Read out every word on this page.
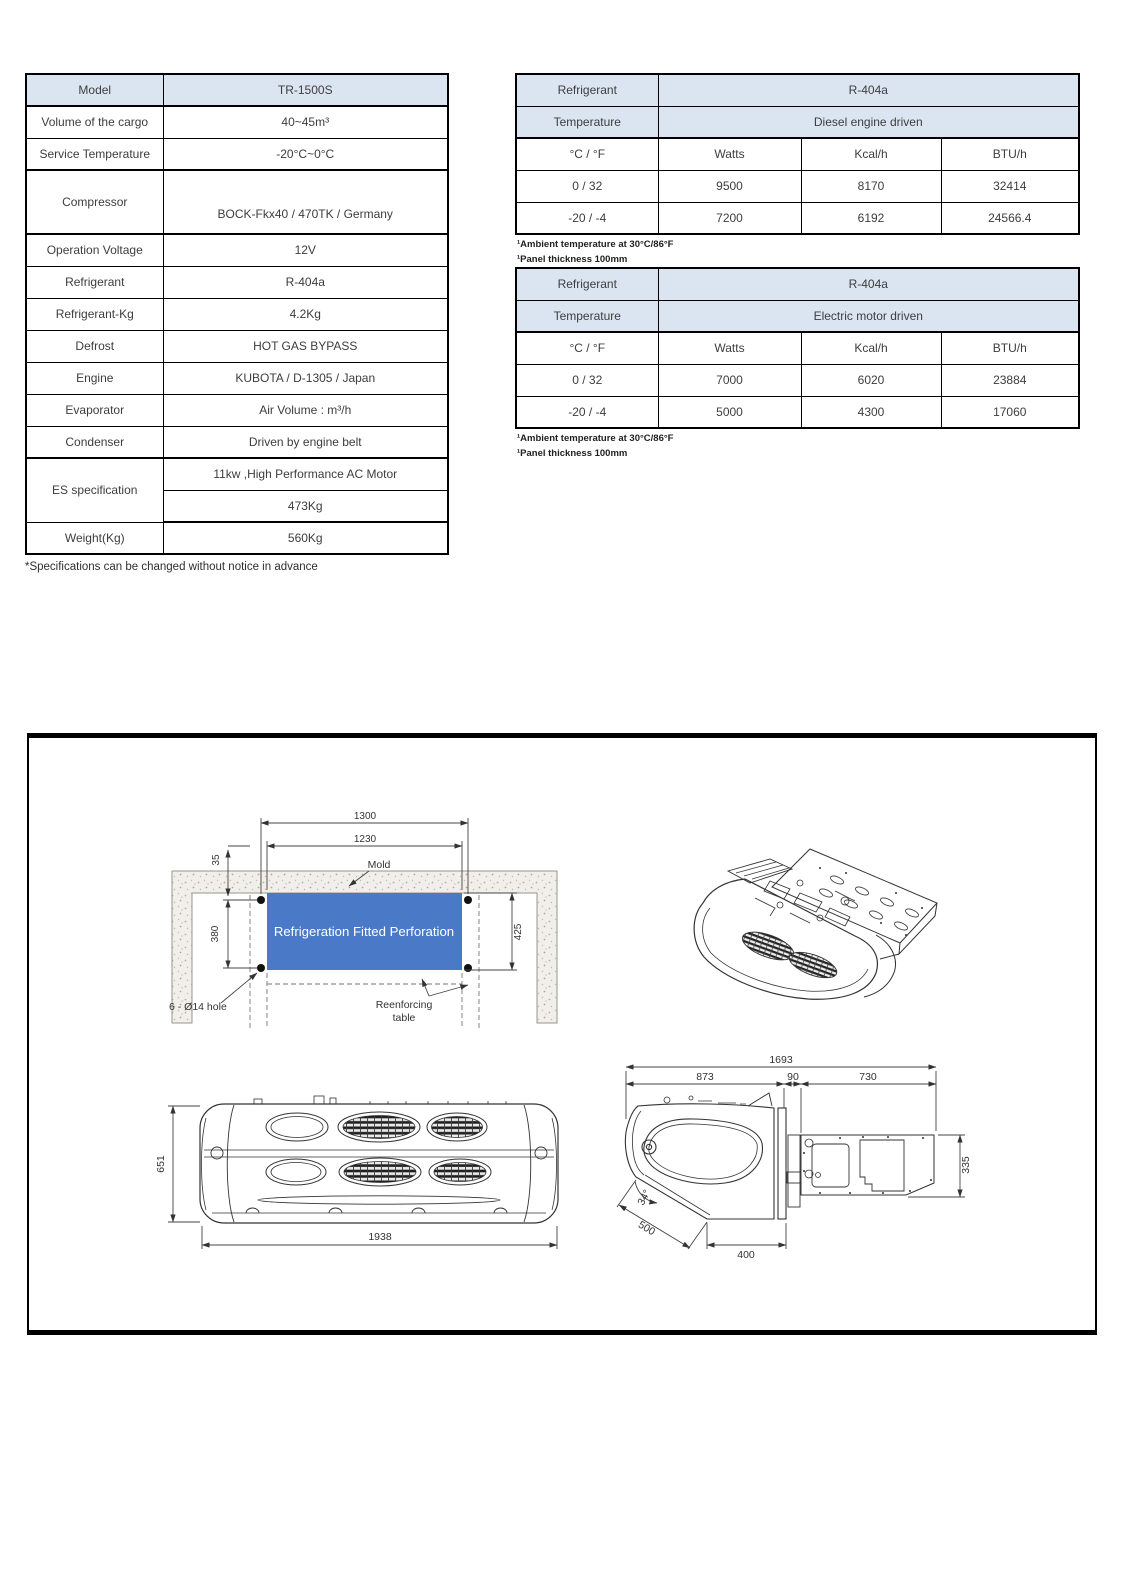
Model	TR-1500S
Volume of the cargo	40~45m³
Service Temperature	-20°C~0°C
Compressor	BOCK-Fkx40 / 470TK / Germany
Operation Voltage	12V
Refrigerant	R-404a
Refrigerant-Kg	4.2Kg
Defrost	HOT GAS BYPASS
Engine	KUBOTA / D-1305 / Japan
Evaporator	Air Volume : m³/h
Condenser	Driven by engine belt
ES specification	11kw ,High Performance AC Motor
	473Kg
Weight(Kg)	560Kg
*Specifications can be changed without notice in advance
Refrigerant	R-404a		
Temperature	Diesel engine driven		
°C / °F	Watts	Kcal/h	BTU/h
0 / 32	9500	8170	32414
-20 / -4	7200	6192	24566.4
¹Ambient temperature at 30°C/86°F
¹Panel thickness 100mm
Refrigerant	R-404a		
Temperature	Electric motor driven		
°C / °F	Watts	Kcal/h	BTU/h
0 / 32	7000	6020	23884
-20 / -4	5000	4300	17060
¹Ambient temperature at 30°C/86°F
¹Panel thickness 100mm
Refrigeration Fitted Perforation
1300
1230
35
380	425
Mold
6 - Ø14 hole	Reenforcing
table
651
1938
1693
873	90	730
335
34°
500
400
